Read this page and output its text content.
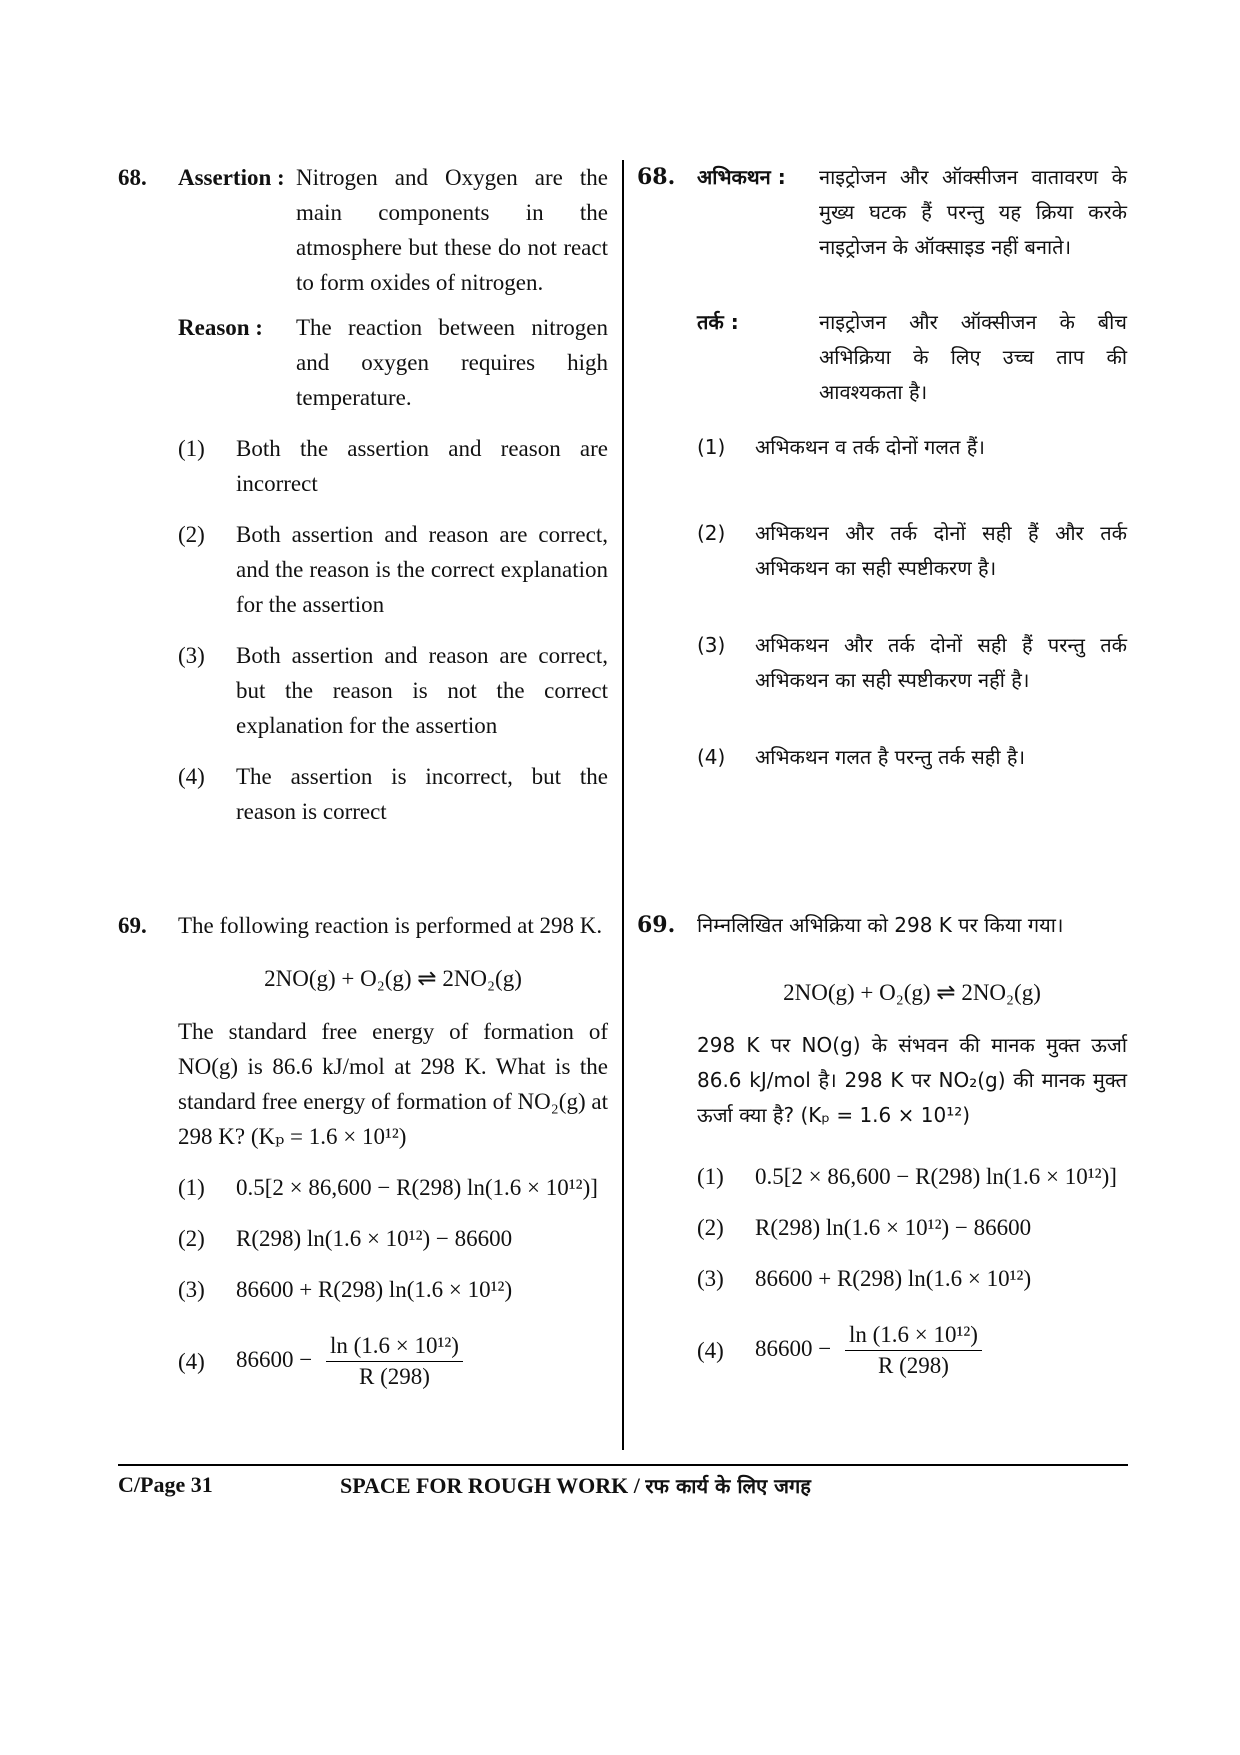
68. Assertion : Nitrogen and Oxygen are the main components in the atmosphere but these do not react to form oxides of nitrogen.
Reason :	The reaction between nitrogen and oxygen requires high temperature.
(1)	Both the assertion and reason are incorrect
(2)	Both assertion and reason are correct, and the reason is the correct explanation for the assertion
(3)	Both assertion and reason are correct, but the reason is not the correct explanation for the assertion
(4)	The assertion is incorrect, but the reason is correct
69. The following reaction is performed at 298 K.
2NO(g) + O₂(g) ⇌ 2NO₂(g)
The standard free energy of formation of NO(g) is 86.6 kJ/mol at 298 K. What is the standard free energy of formation of NO₂(g) at 298 K? (Kₚ = 1.6 × 10¹²)
(1)	0.5[2 × 86,600 − R(298) ln(1.6 × 10¹²)]
(2)	R(298) ln(1.6 × 10¹²) − 86600
(3)	86600 + R(298) ln(1.6 × 10¹²)
(4)	$86600 - \frac{\text{ln (1.6 × 10¹²)}}{R (298)}$
68. अभिकथन :	नाइट्रोजन और ऑक्सीजन वातावरण के मुख्य घटक हैं परन्तु यह क्रिया करके नाइट्रोजन के ऑक्साइड नहीं बनाते।
तर्क :	नाइट्रोजन और ऑक्सीजन के बीच अभिक्रिया के लिए उच्च ताप की आवश्यकता है।
(1)	अभिकथन व तर्क दोनों गलत हैं।
(2)	अभिकथन और तर्क दोनों सही हैं और तर्क अभिकथन का सही स्पष्टीकरण है।
(3)	अभिकथन और तर्क दोनों सही हैं परन्तु तर्क अभिकथन का सही स्पष्टीकरण नहीं है।
(4)	अभिकथन गलत है परन्तु तर्क सही है।
69. निम्नलिखित अभिक्रिया को 298 K पर किया गया।
2NO(g) + O₂(g) ⇌ 2NO₂(g)
298 K पर NO(g) के संभवन की मानक मुक्त ऊर्जा 86.6 kJ/mol है। 298 K पर NO₂(g) की मानक मुक्त ऊर्जा क्या है? (Kₚ = 1.6 × 10¹²)
(1)	0.5[2 × 86,600 − R(298) ln(1.6 × 10¹²)]
(2)	R(298) ln(1.6 × 10¹²) − 86600
(3)	86600 + R(298) ln(1.6 × 10¹²)
(4)	$86600 - \frac{\text{ln (1.6 × 10¹²)}}{R (298)}$
C/Page 31	SPACE FOR ROUGH WORK / रफ कार्य के लिए जगह
